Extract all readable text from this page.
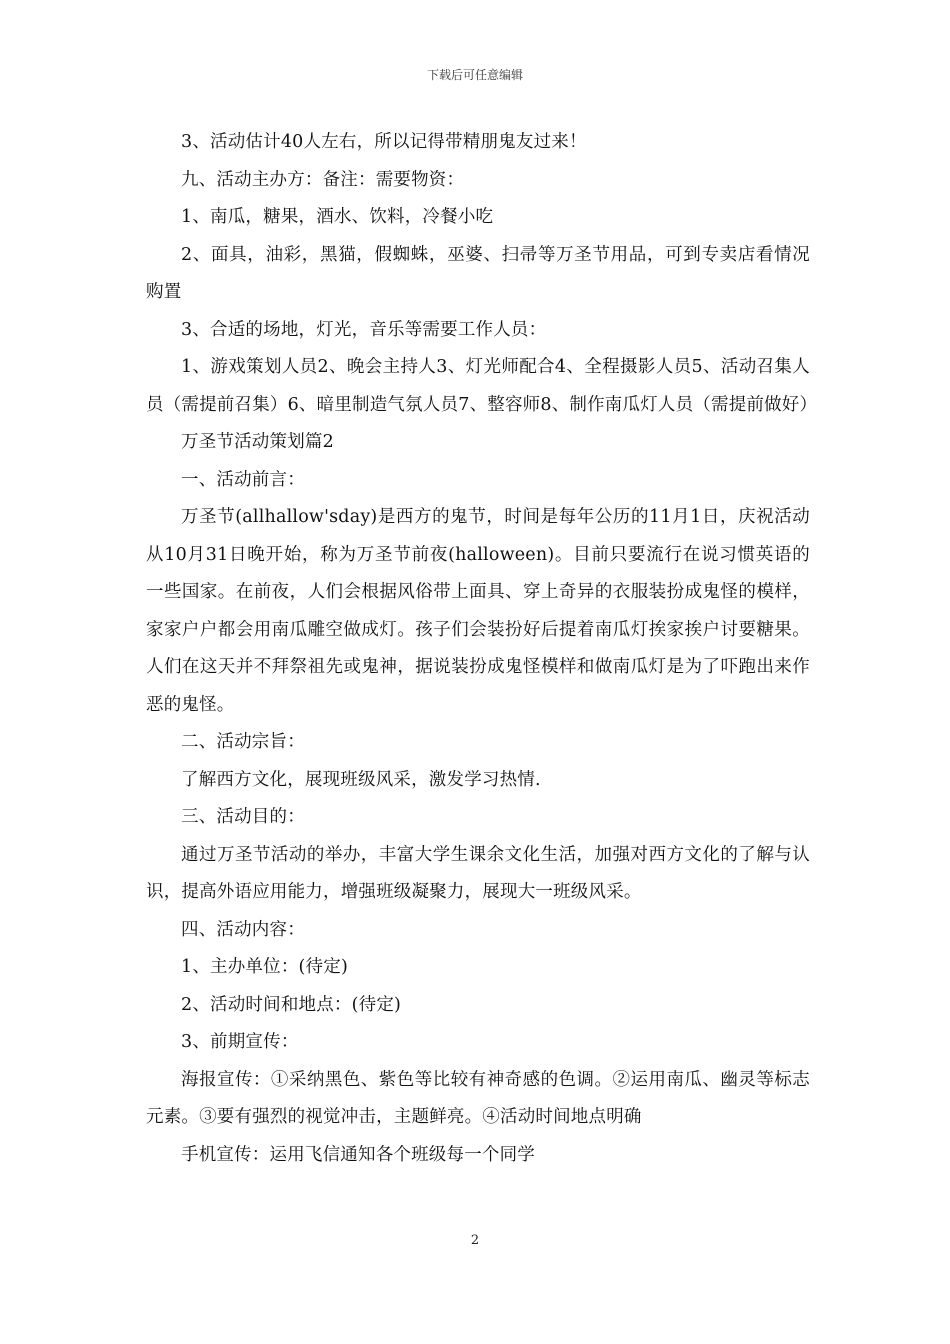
下载后可任意编辑

3、活动估计40人左右，所以记得带精朋鬼友过来！

九、活动主办方：备注：需要物资：

1、南瓜，糖果，酒水、饮料，冷餐小吃

2、面具，油彩，黑猫，假蜘蛛，巫婆、扫帚等万圣节用品，可到专卖店看情况购置

3、合适的场地，灯光，音乐等需要工作人员：

1、游戏策划人员2、晚会主持人3、灯光师配合4、全程摄影人员5、活动召集人员（需提前召集）6、暗里制造气氛人员7、整容师8、制作南瓜灯人员（需提前做好）

万圣节活动策划篇2

一、活动前言：

万圣节(allhallow'sday)是西方的鬼节，时间是每年公历的11月1日，庆祝活动从10月31日晚开始，称为万圣节前夜(halloween)。目前只要流行在说习惯英语的一些国家。在前夜，人们会根据风俗带上面具、穿上奇异的衣服装扮成鬼怪的模样，家家户户都会用南瓜雕空做成灯。孩子们会装扮好后提着南瓜灯挨家挨户讨要糖果。人们在这天并不拜祭祖先或鬼神，据说装扮成鬼怪模样和做南瓜灯是为了吓跑出来作恶的鬼怪。

二、活动宗旨：

了解西方文化，展现班级风采，激发学习热情.

三、活动目的：

通过万圣节活动的举办，丰富大学生课余文化生活，加强对西方文化的了解与认识，提高外语应用能力，增强班级凝聚力，展现大一班级风采。

四、活动内容：

1、主办单位：(待定)

2、活动时间和地点：(待定)

3、前期宣传：

海报宣传：①采纳黑色、紫色等比较有神奇感的色调。②运用南瓜、幽灵等标志元素。③要有强烈的视觉冲击，主题鲜亮。④活动时间地点明确

手机宣传：运用飞信通知各个班级每一个同学

2
